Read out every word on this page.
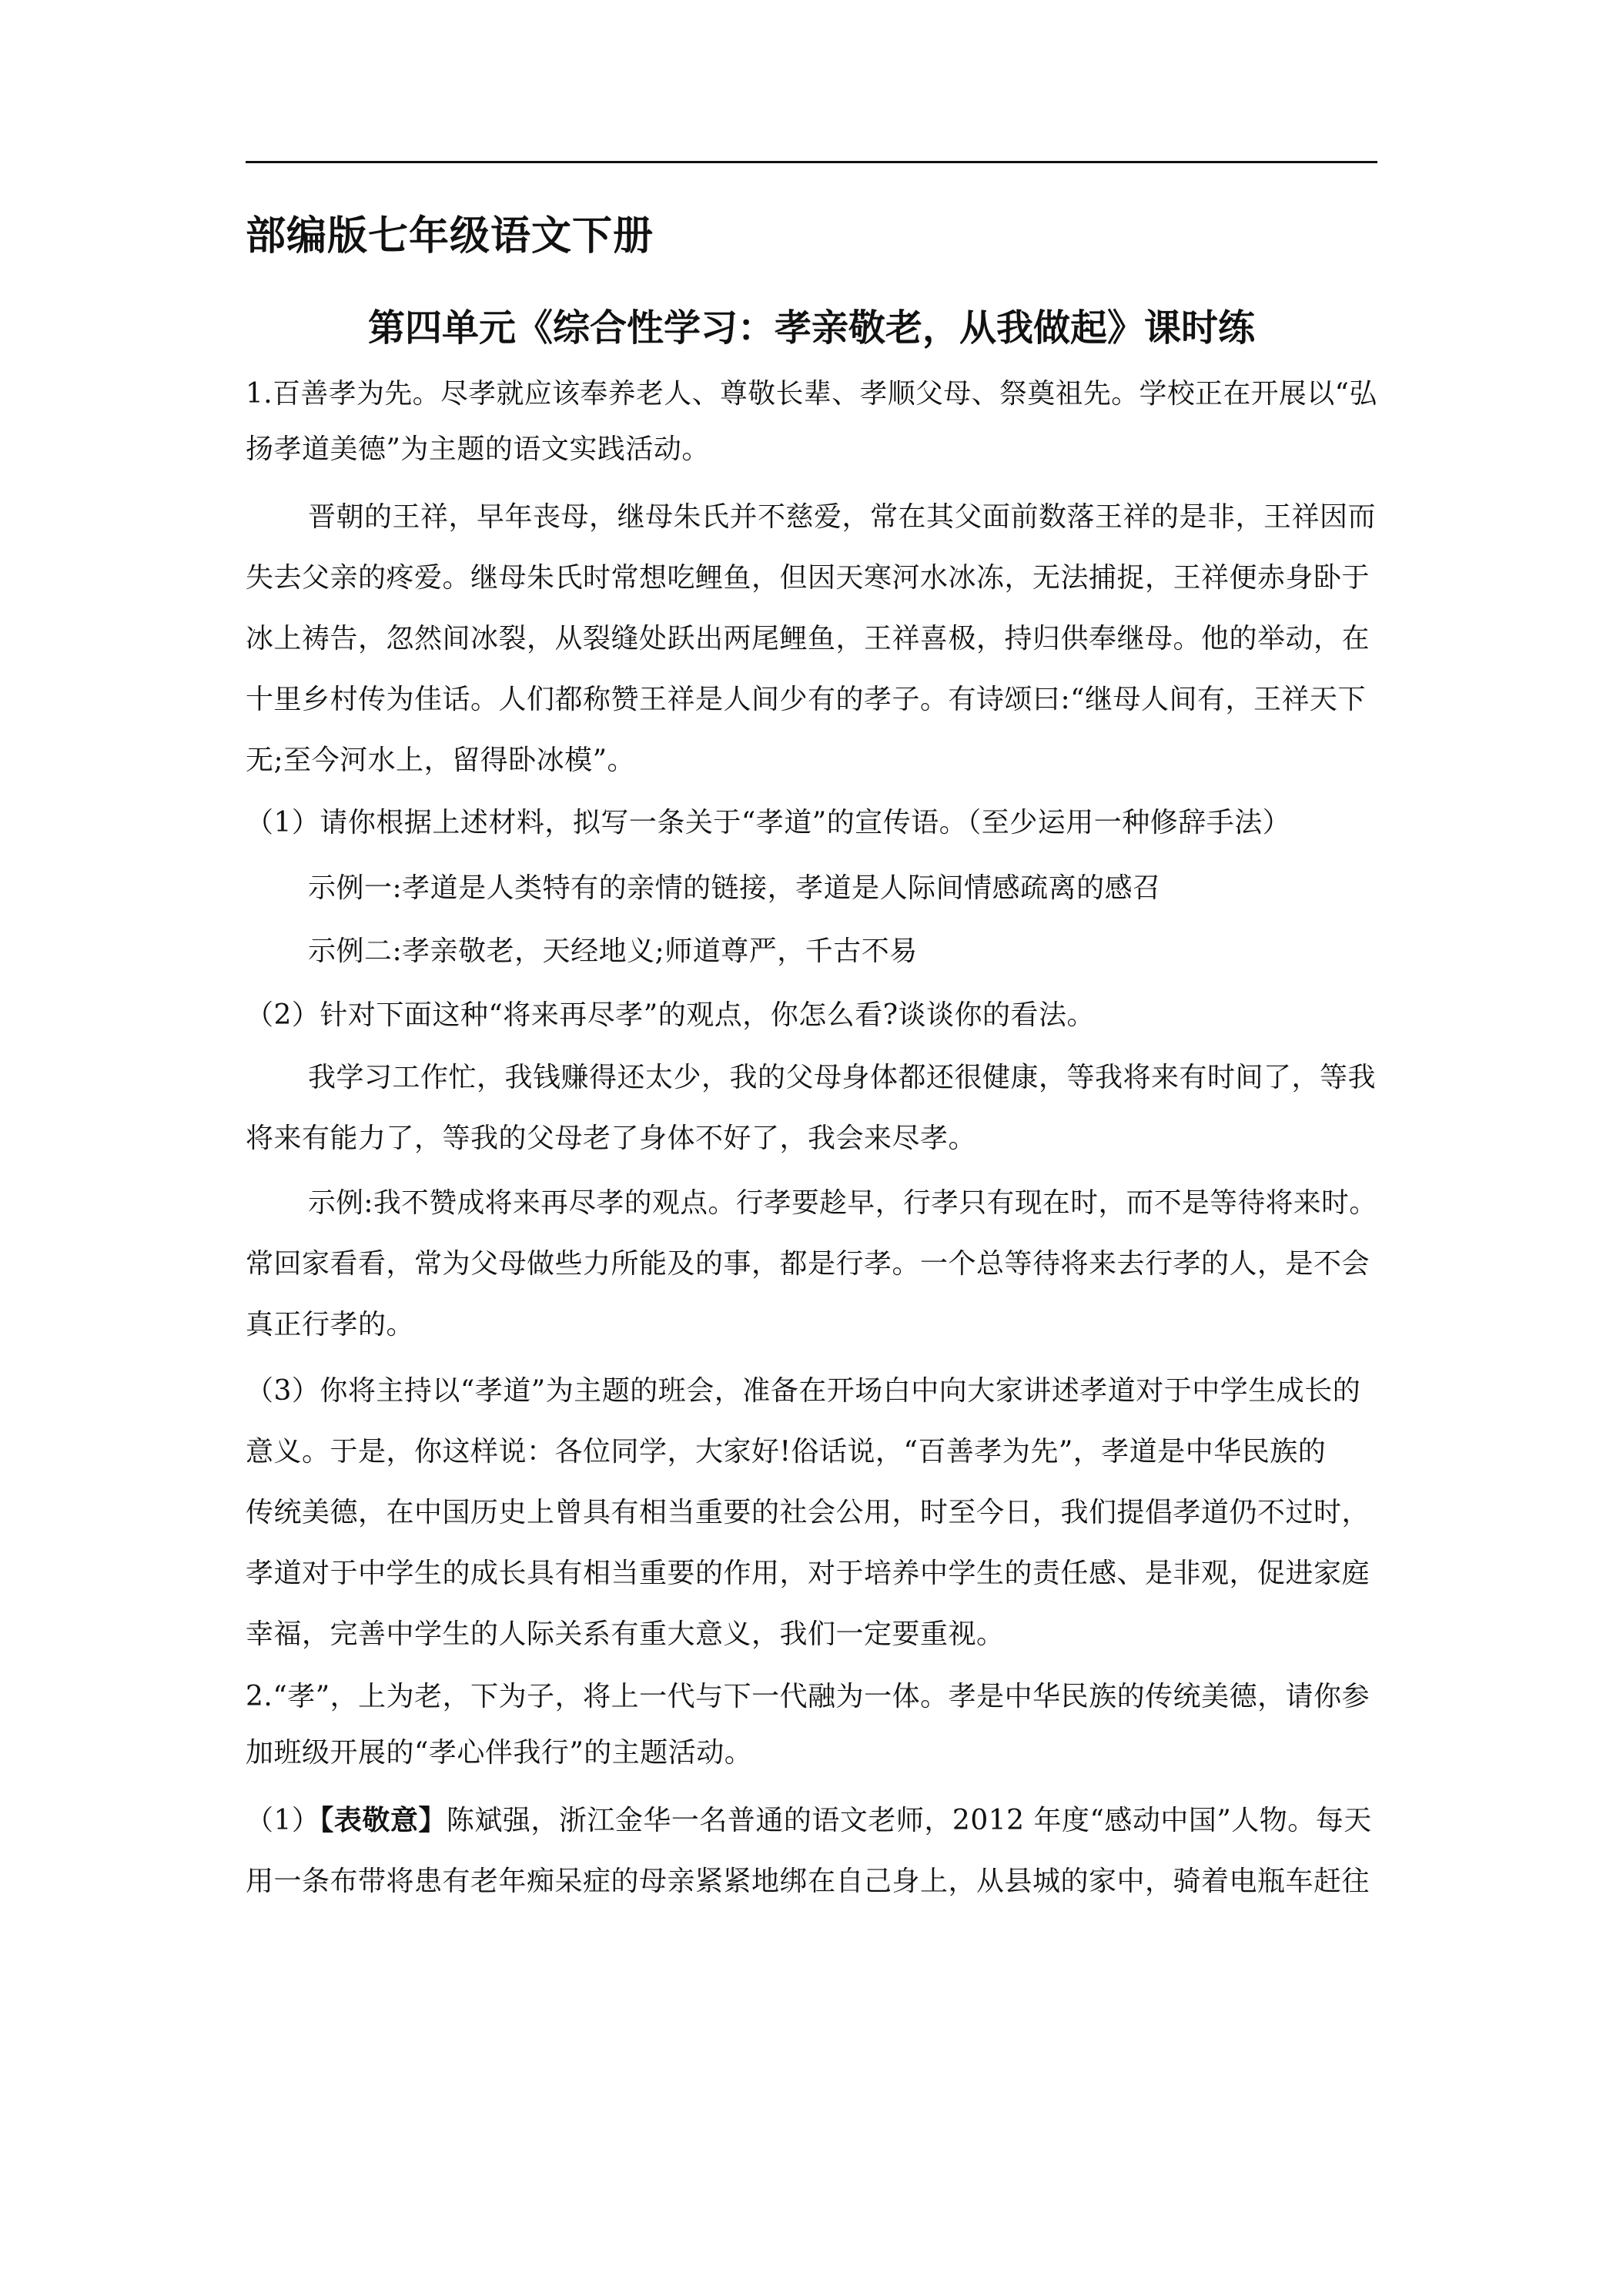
部编版七年级语文下册
第四单元《综合性学习：孝亲敬老，从我做起》课时练
1.百善孝为先。尽孝就应该奉养老人、尊敬长辈、孝顺父母、祭奠祖先。学校正在开展以“弘
扬孝道美德”为主题的语文实践活动。
晋朝的王祥，早年丧母，继母朱氏并不慈爱，常在其父面前数落王祥的是非，王祥因而
失去父亲的疼爱。继母朱氏时常想吃鲤鱼，但因天寒河水冰冻，无法捕捉，王祥便赤身卧于
冰上祷告，忽然间冰裂，从裂缝处跃出两尾鲤鱼，王祥喜极，持归供奉继母。他的举动，在
十里乡村传为佳话。人们都称赞王祥是人间少有的孝子。有诗颂曰:“继母人间有，王祥天下
无;至今河水上，留得卧冰模”。
（1）请你根据上述材料，拟写一条关于“孝道”的宣传语。（至少运用一种修辞手法）
示例一:孝道是人类特有的亲情的链接，孝道是人际间情感疏离的感召
示例二:孝亲敬老，天经地义;师道尊严，千古不易
（2）针对下面这种“将来再尽孝”的观点，你怎么看?谈谈你的看法。
我学习工作忙，我钱赚得还太少，我的父母身体都还很健康，等我将来有时间了，等我
将来有能力了，等我的父母老了身体不好了，我会来尽孝。
示例:我不赞成将来再尽孝的观点。行孝要趁早，行孝只有现在时，而不是等待将来时。
常回家看看，常为父母做些力所能及的事，都是行孝。一个总等待将来去行孝的人，是不会
真正行孝的。
（3）你将主持以“孝道”为主题的班会，准备在开场白中向大家讲述孝道对于中学生成长的
意义。于是，你这样说：各位同学，大家好!俗话说，“百善孝为先”，孝道是中华民族的
传统美德，在中国历史上曾具有相当重要的社会公用，时至今日，我们提倡孝道仍不过时，
孝道对于中学生的成长具有相当重要的作用，对于培养中学生的责任感、是非观，促进家庭
幸福，完善中学生的人际关系有重大意义，我们一定要重视。
2.“孝”，上为老，下为子，将上一代与下一代融为一体。孝是中华民族的传统美德，请你参
加班级开展的“孝心伴我行”的主题活动。
（1）【表敬意】陈斌强，浙江金华一名普通的语文老师，2012 年度“感动中国”人物。每天
用一条布带将患有老年痴呆症的母亲紧紧地绑在自己身上，从县城的家中，骑着电瓶车赶往
